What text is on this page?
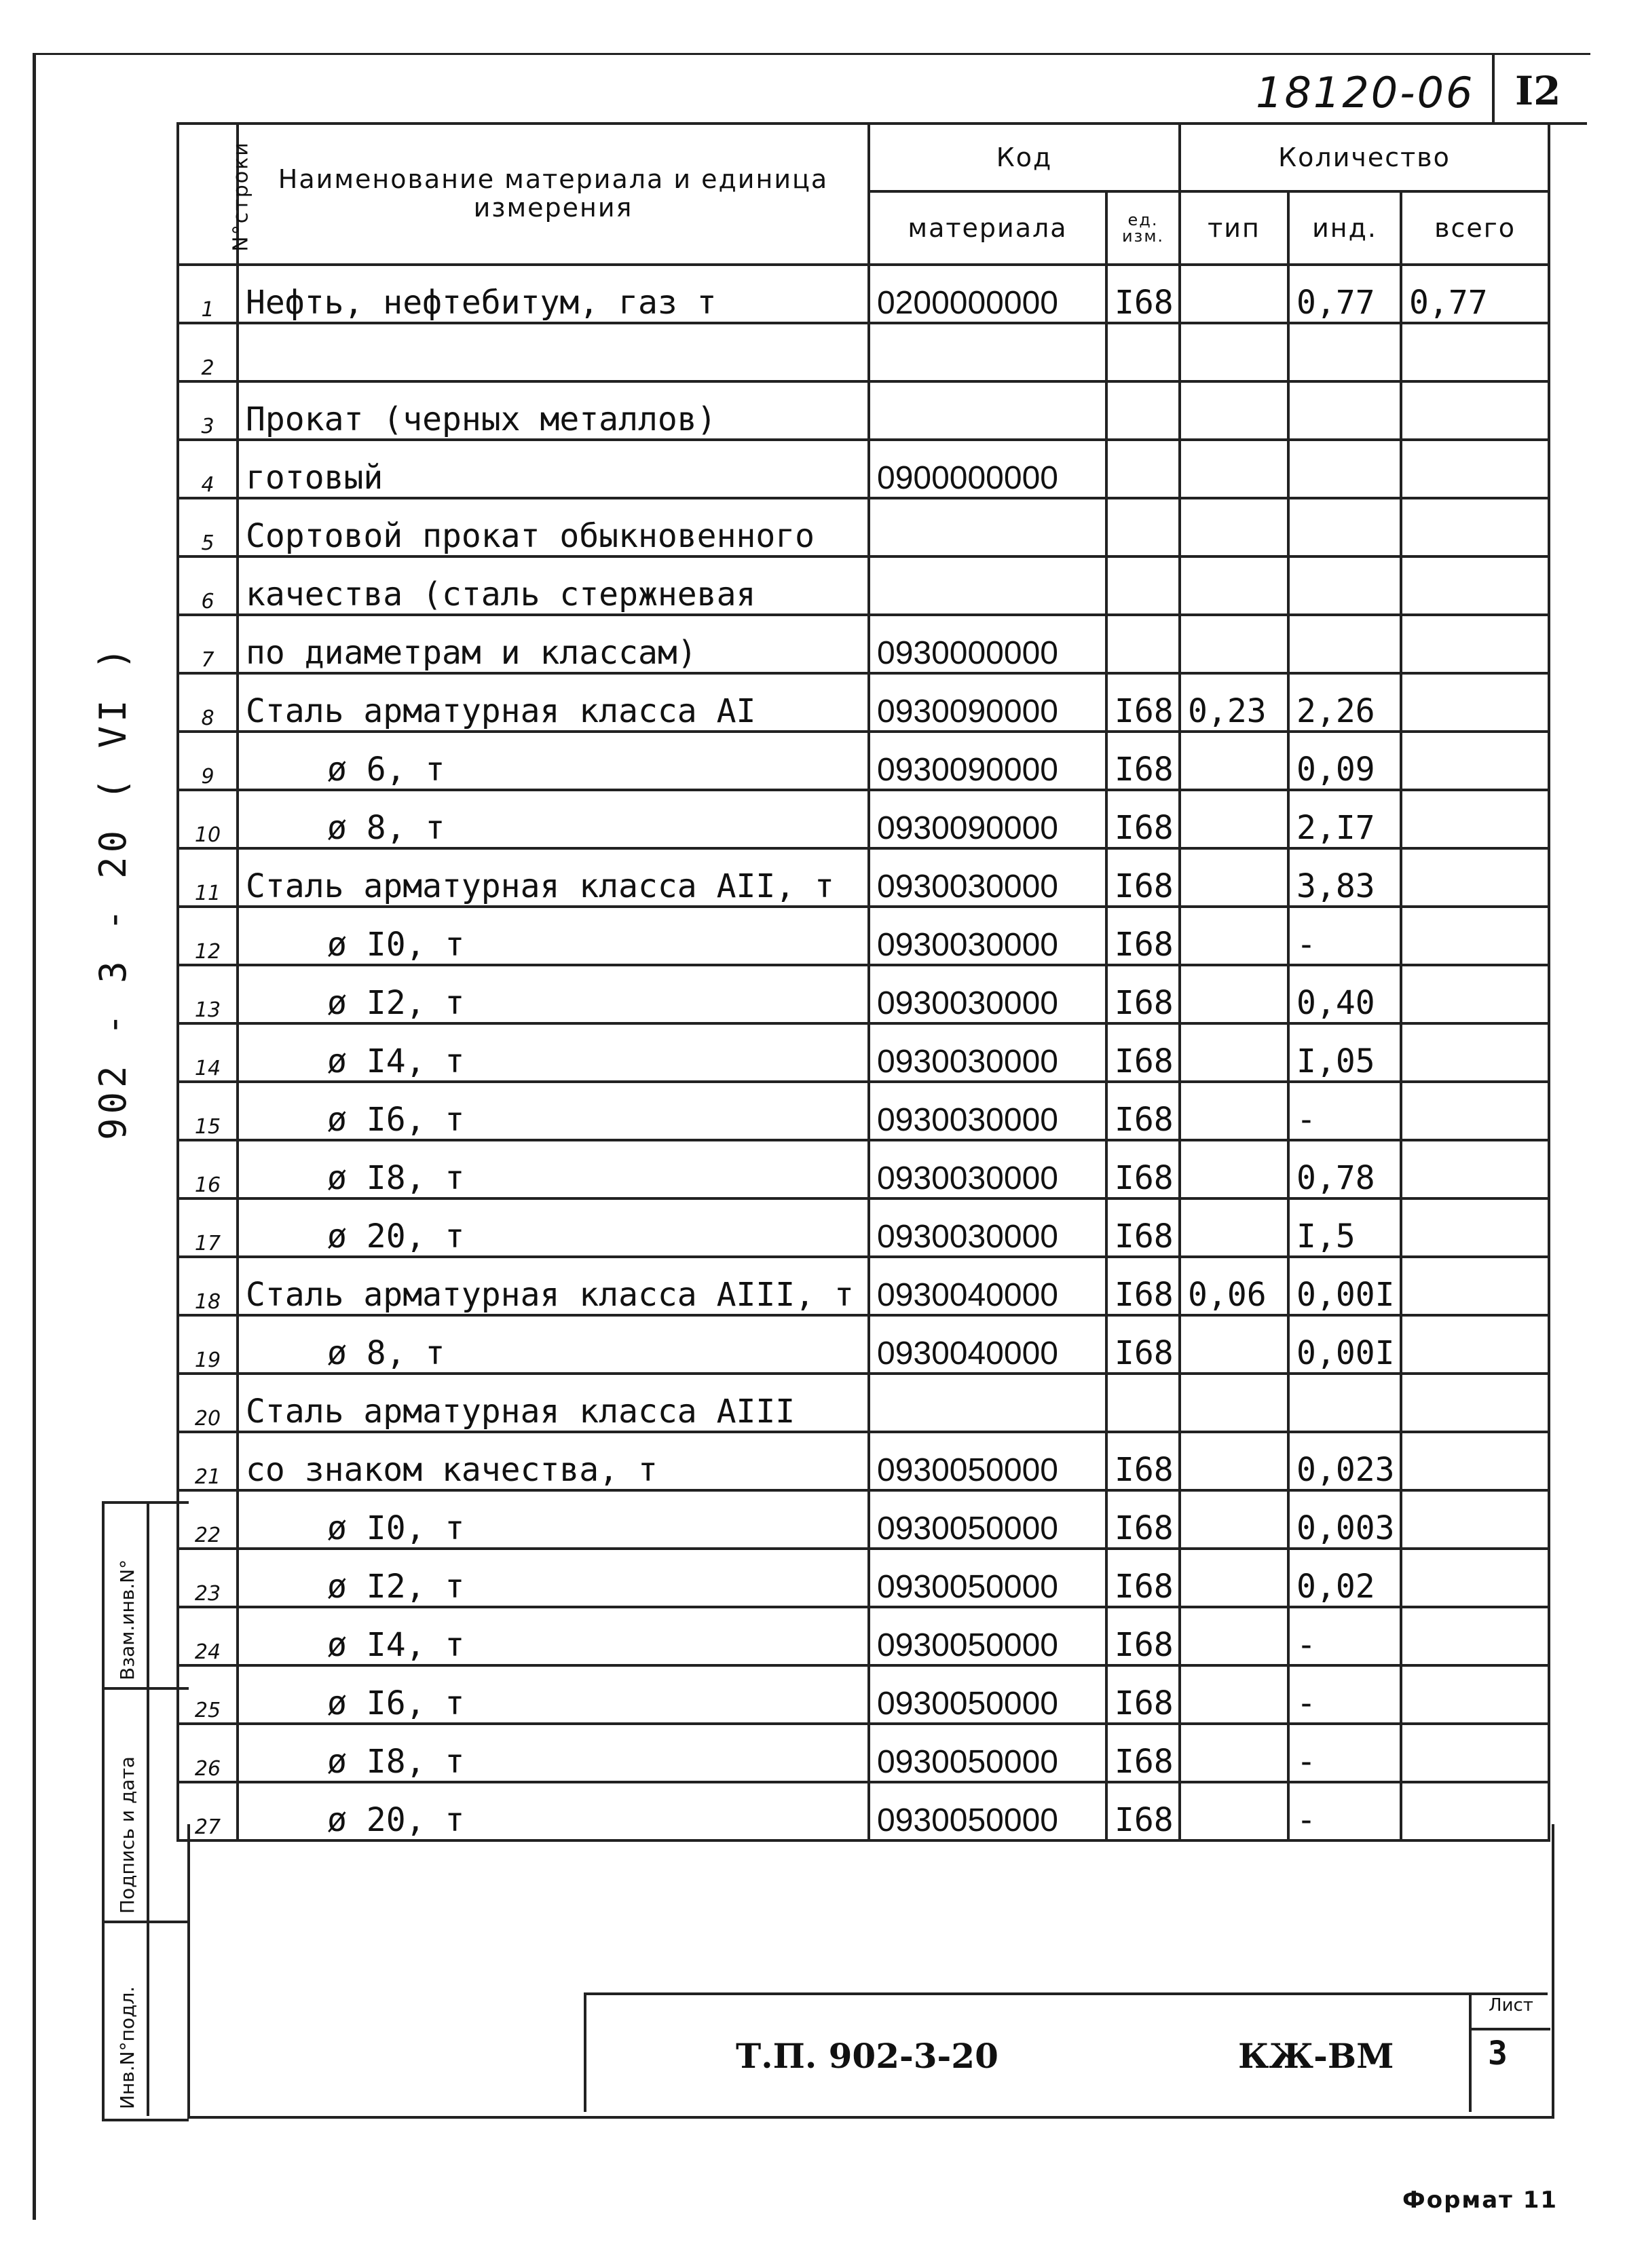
18120-06 I2
902 - 3 - 20 ( VI )
N°строки	Наименование материала и единица измерения	Код		Количество		
		материала	ед. изм.	тип	инд.	всего
1	Нефть, нефтебитум, газ т	0200000000	I68		0,77	0,77
2						
3	Прокат (черных металлов)					
4	готовый	0900000000				
5	Сортовой прокат обыкновенного					
6	качества (сталь стержневая					
7	по диаметрам и классам)	0930000000				
8	Сталь арматурная класса AI	0930090000	I68	0,23	2,26	
9	ø 6, т	0930090000	I68		0,09	
10	ø 8, т	0930090000	I68		2,I7	
11	Сталь арматурная класса AII, т	0930030000	I68		3,83	
12	ø I0, т	0930030000	I68		-	
13	ø I2, т	0930030000	I68		0,40	
14	ø I4, т	0930030000	I68		I,05	
15	ø I6, т	0930030000	I68		-	
16	ø I8, т	0930030000	I68		0,78	
17	ø 20, т	0930030000	I68		I,5	
18	Сталь арматурная класса AIII, т	0930040000	I68	0,06	0,00I	
19	ø 8, т	0930040000	I68		0,00I	
20	Сталь арматурная класса AIII					
21	со знаком качества, т	0930050000	I68		0,023	
22	ø I0, т	0930050000	I68		0,003	
23	ø I2, т	0930050000	I68		0,02	
24	ø I4, т	0930050000	I68		-	
25	ø I6, т	0930050000	I68		-	
26	ø I8, т	0930050000	I68		-	
27	ø 20, т	0930050000	I68		-	
Взам.инв.N°
Подпись и дата
Инв.N°подл.	Т.П. 902-3-20	КЖ-ВМ
Лист
3
Формат 11
